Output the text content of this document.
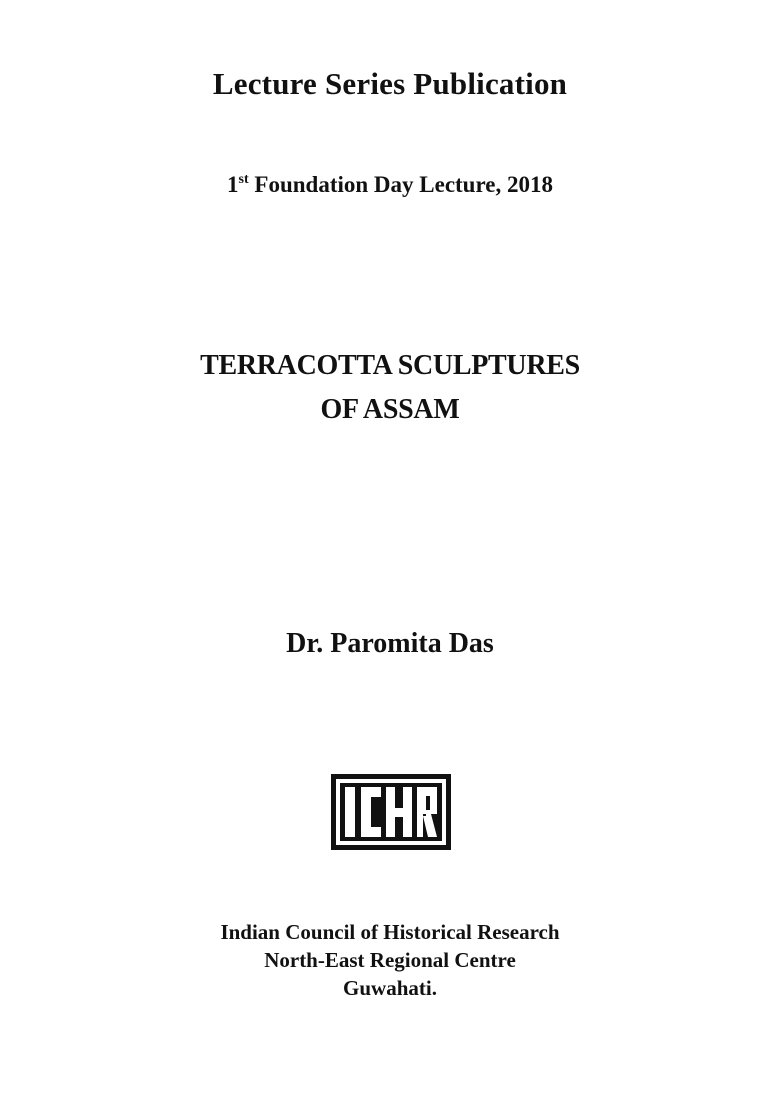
Lecture Series Publication
1st Foundation Day Lecture, 2018
TERRACOTTA SCULPTURES
OF ASSAM
Dr. Paromita Das
Indian Council of Historical Research
North-East Regional Centre
Guwahati.
